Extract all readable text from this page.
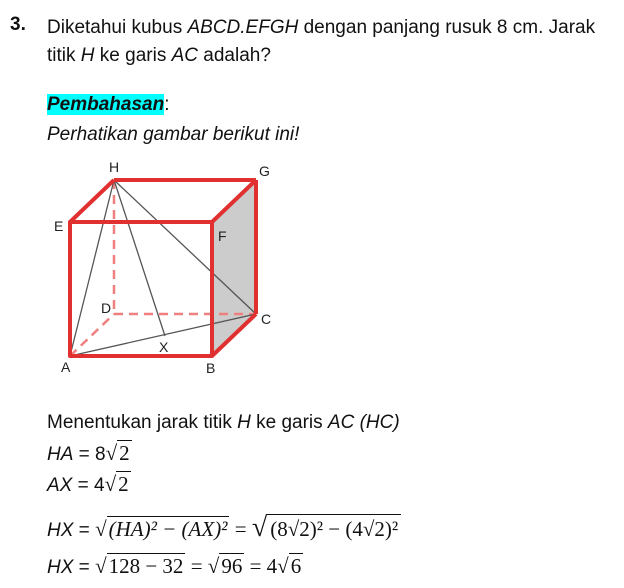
3. Diketahui kubus ABCD.EFGH dengan panjang rusuk 8 cm. Jarak
titik H ke garis AC adalah?
Pembahasan:
Perhatikan gambar berikut ini!
H	G
E
F
D
C
A	B
X
Menentukan jarak titik H ke garis AC (HC)
HA = 8√2
AX = 4√2
HX = √(HA)² − (AX)² = √ (8√2)² − (4√2)²
HX = √128 − 32 = √96 = 4√6
